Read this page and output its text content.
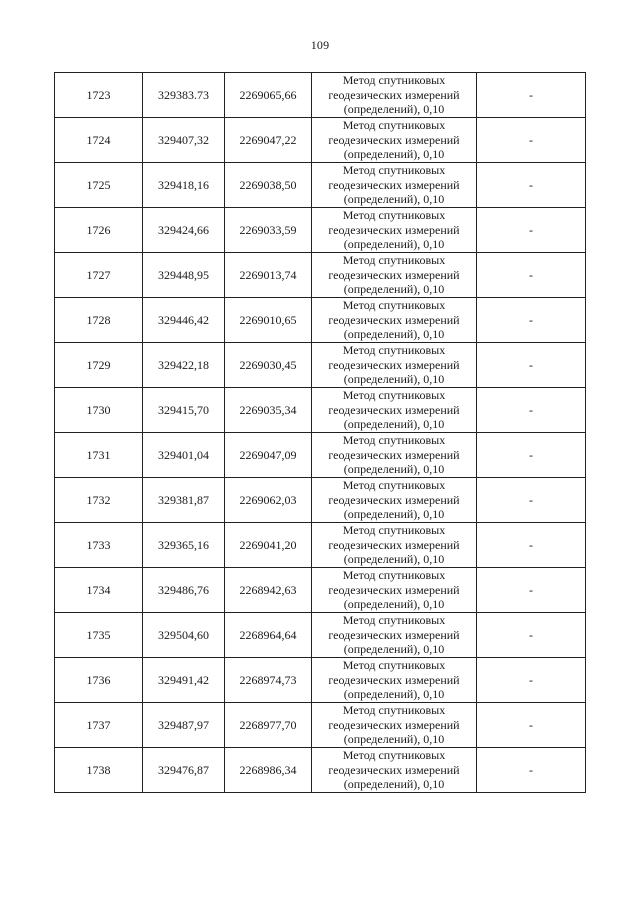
109
1723	329383.73	2269065,66	Метод спутниковых
геодезических измерений
(определений), 0,10	-
1724	329407,32	2269047,22	Метод спутниковых
геодезических измерений
(определений), 0,10	-
1725	329418,16	2269038,50	Метод спутниковых
геодезических измерений
(определений), 0,10	-
1726	329424,66	2269033,59	Метод спутниковых
геодезических измерений
(определений), 0,10	-
1727	329448,95	2269013,74	Метод спутниковых
геодезических измерений
(определений), 0,10	-
1728	329446,42	2269010,65	Метод спутниковых
геодезических измерений
(определений), 0,10	-
1729	329422,18	2269030,45	Метод спутниковых
геодезических измерений
(определений), 0,10	-
1730	329415,70	2269035,34	Метод спутниковых
геодезических измерений
(определений), 0,10	-
1731	329401,04	2269047,09	Метод спутниковых
геодезических измерений
(определений), 0,10	-
1732	329381,87	2269062,03	Метод спутниковых
геодезических измерений
(определений), 0,10	-
1733	329365,16	2269041,20	Метод спутниковых
геодезических измерений
(определений), 0,10	-
1734	329486,76	2268942,63	Метод спутниковых
геодезических измерений
(определений), 0,10	-
1735	329504,60	2268964,64	Метод спутниковых
геодезических измерений
(определений), 0,10	-
1736	329491,42	2268974,73	Метод спутниковых
геодезических измерений
(определений), 0,10	-
1737	329487,97	2268977,70	Метод спутниковых
геодезических измерений
(определений), 0,10	-
1738	329476,87	2268986,34	Метод спутниковых
геодезических измерений
(определений), 0,10	-
